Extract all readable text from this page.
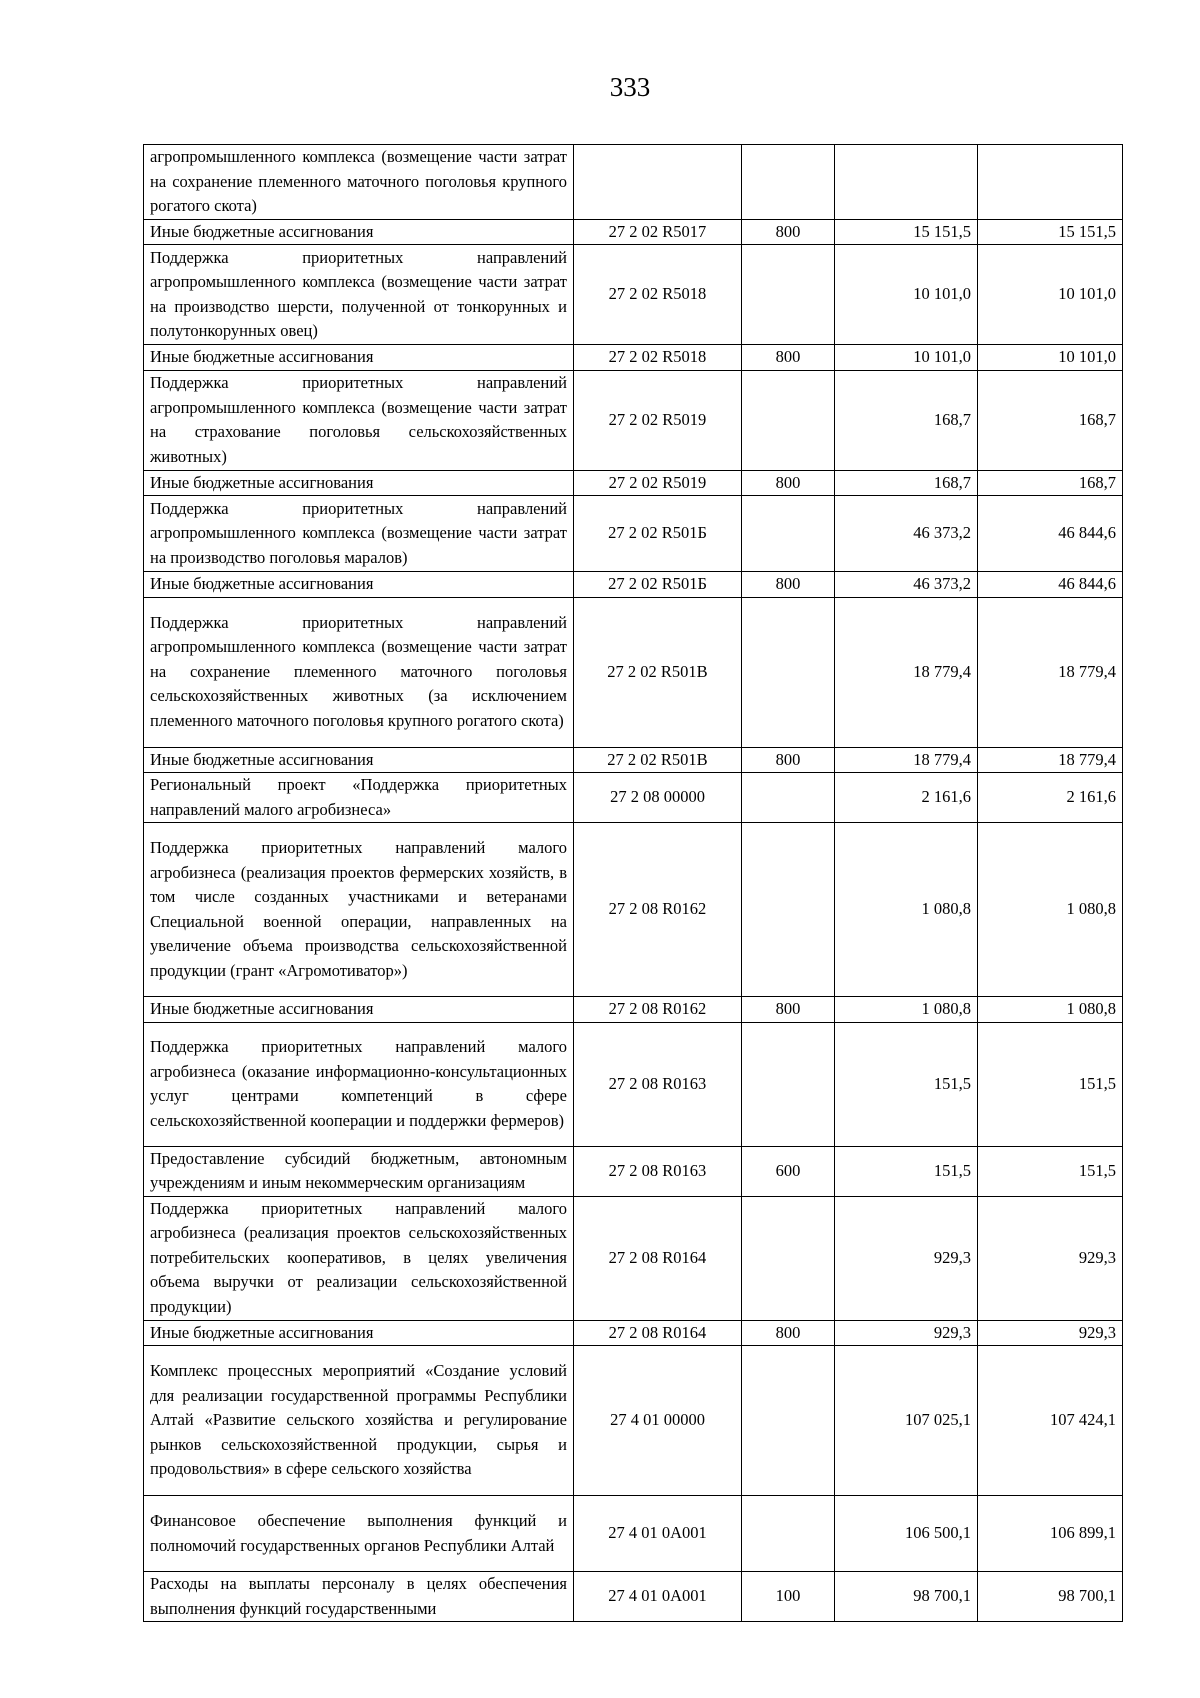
333
агропромышленного комплекса (возмещение части затрат на сохранение племенного маточного поголовья крупного рогатого скота)				
Иные бюджетные ассигнования	27 2 02 R5017	800	15 151,5	15 151,5
Поддержка приоритетных направлений агропромышленного комплекса (возмещение части затрат на производство шерсти, полученной от тонкорунных и полутонкорунных овец)	27 2 02 R5018		10 101,0	10 101,0
Иные бюджетные ассигнования	27 2 02 R5018	800	10 101,0	10 101,0
Поддержка приоритетных направлений агропромышленного комплекса (возмещение части затрат на страхование поголовья сельскохозяйственных животных)	27 2 02 R5019		168,7	168,7
Иные бюджетные ассигнования	27 2 02 R5019	800	168,7	168,7
Поддержка приоритетных направлений агропромышленного комплекса (возмещение части затрат на производство поголовья маралов)	27 2 02 R501Б		46 373,2	46 844,6
Иные бюджетные ассигнования	27 2 02 R501Б	800	46 373,2	46 844,6
Поддержка приоритетных направлений агропромышленного комплекса (возмещение части затрат на сохранение племенного маточного поголовья сельскохозяйственных животных (за исключением племенного маточного поголовья крупного рогатого скота)	27 2 02 R501В		18 779,4	18 779,4
Иные бюджетные ассигнования	27 2 02 R501В	800	18 779,4	18 779,4
Региональный проект «Поддержка приоритетных направлений малого агробизнеса»	27 2 08 00000		2 161,6	2 161,6
Поддержка приоритетных направлений малого агробизнеса (реализация проектов фермерских хозяйств, в том числе созданных участниками и ветеранами Специальной военной операции, направленных на увеличение объема производства сельскохозяйственной продукции (грант «Агромотиватор»)	27 2 08 R0162		1 080,8	1 080,8
Иные бюджетные ассигнования	27 2 08 R0162	800	1 080,8	1 080,8
Поддержка приоритетных направлений малого агробизнеса (оказание информационно-консультационных услуг центрами компетенций в сфере сельскохозяйственной кооперации и поддержки фермеров)	27 2 08 R0163		151,5	151,5
Предоставление субсидий бюджетным, автономным учреждениям и иным некоммерческим организациям	27 2 08 R0163	600	151,5	151,5
Поддержка приоритетных направлений малого агробизнеса (реализация проектов сельскохозяйственных потребительских кооперативов, в целях увеличения объема выручки от реализации сельскохозяйственной продукции)	27 2 08 R0164		929,3	929,3
Иные бюджетные ассигнования	27 2 08 R0164	800	929,3	929,3
Комплекс процессных мероприятий «Создание условий для реализации государственной программы Республики Алтай «Развитие сельского хозяйства и регулирование рынков сельскохозяйственной продукции, сырья и продовольствия» в сфере сельского хозяйства	27 4 01 00000		107 025,1	107 424,1
Финансовое обеспечение выполнения функций и полномочий государственных органов Республики Алтай	27 4 01 0А001		106 500,1	106 899,1
Расходы на выплаты персоналу в целях обеспечения выполнения функций государственными	27 4 01 0А001	100	98 700,1	98 700,1
